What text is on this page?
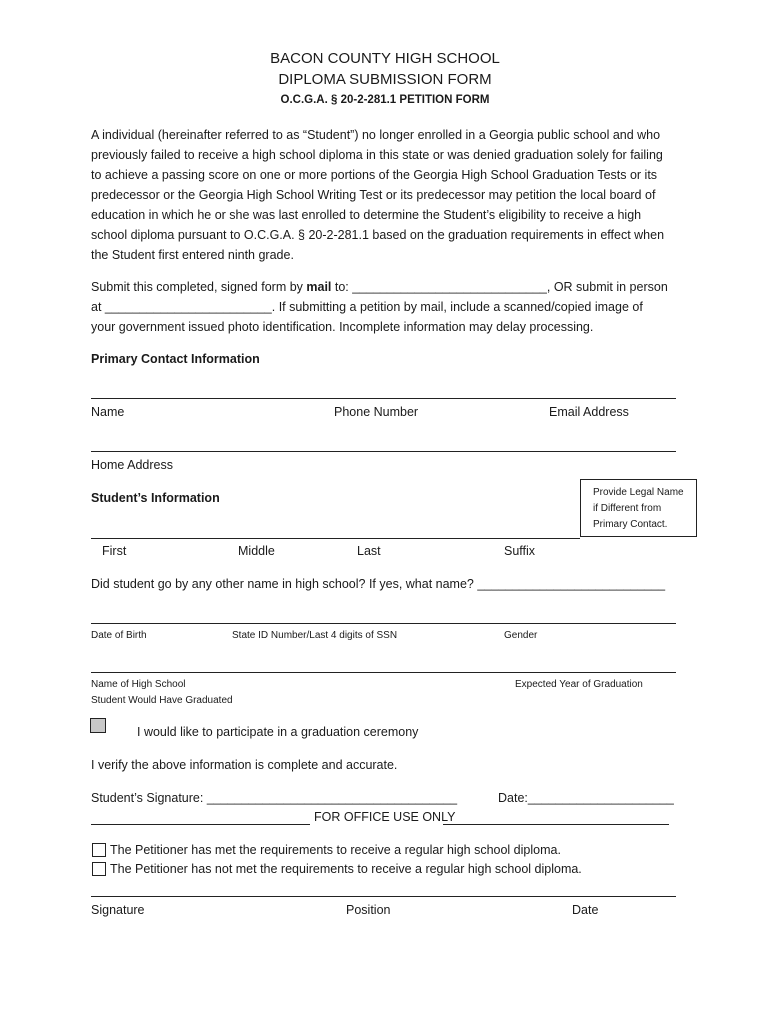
BACON COUNTY HIGH SCHOOL
DIPLOMA SUBMISSION FORM
O.C.G.A. § 20-2-281.1 PETITION FORM
A individual (hereinafter referred to as “Student”) no longer enrolled in a Georgia public school and who
previously failed to receive a high school diploma in this state or was denied graduation solely for failing
to achieve a passing score on one or more portions of the Georgia High School Graduation Tests or its
predecessor or the Georgia High School Writing Test or its predecessor may petition the local board of
education in which he or she was last enrolled to determine the Student’s eligibility to receive a high
school diploma pursuant to O.C.G.A. § 20-2-281.1 based on the graduation requirements in effect when
the Student first entered ninth grade.
Submit this completed, signed form by mail to: ____________________________, OR submit in person
at ________________________. If submitting a petition by mail, include a scanned/copied image of
your government issued photo identification. Incomplete information may delay processing.
Primary Contact Information
Name	Phone Number	Email Address
Home Address
Student’s Information	Provide Legal Name
if Different from
Primary Contact.
First	Middle	Last	Suffix
Did student go by any other name in high school? If yes, what name? ___________________________
Date of Birth	State ID Number/Last 4 digits of SSN	Gender
Name of High School
Student Would Have Graduated
Expected Year of Graduation
I would like to participate in a graduation ceremony
I verify the above information is complete and accurate.
Student’s Signature: ____________________________________	Date:_____________________
FOR OFFICE USE ONLY
The Petitioner has met the requirements to receive a regular high school diploma.
The Petitioner has not met the requirements to receive a regular high school diploma.
Signature	Position	Date
